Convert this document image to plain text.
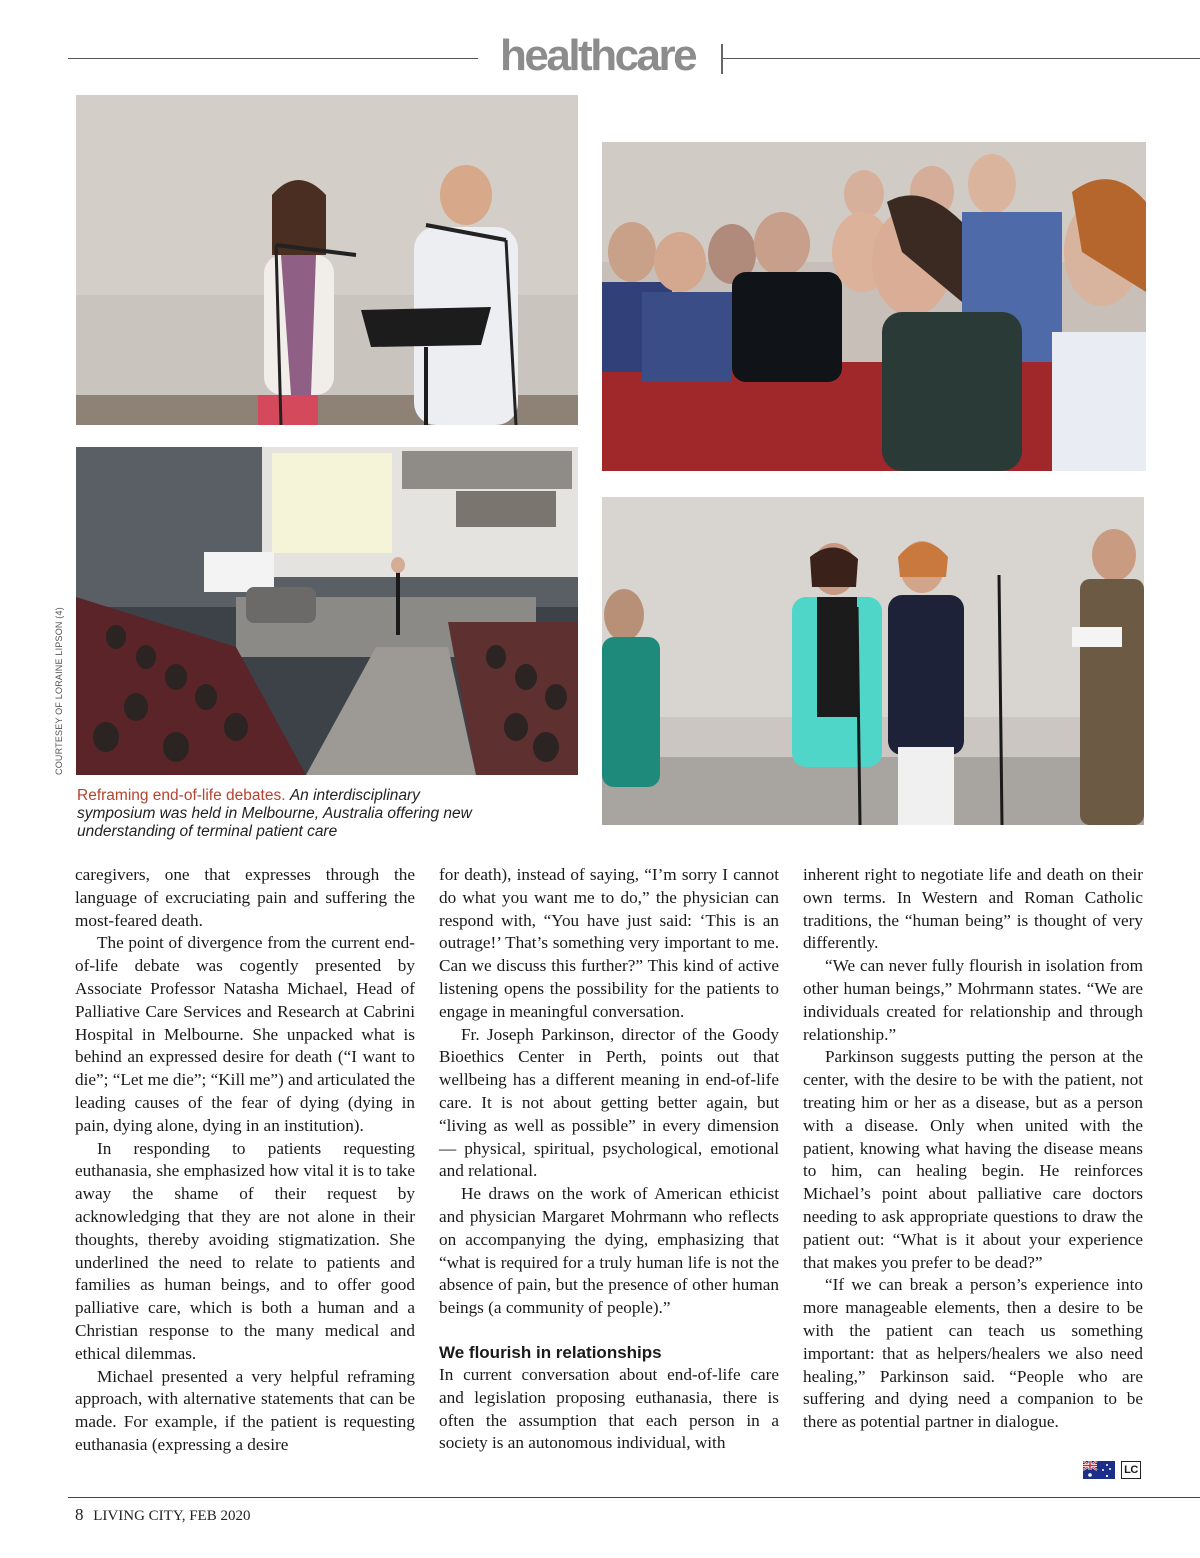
healthcare
COURTESEY OF LORAINE LIPSON (4)
Reframing end-of-life debates. An interdisciplinary symposium was held in Melbourne, Australia offering new understanding of terminal patient care

caregivers, one that expresses through the language of excruciating pain and suffering the most-feared death.

The point of divergence from the current end-of-life debate was cogently presented by Associate Professor Natasha Michael, Head of Palliative Care Services and Research at Cabrini Hospital in Melbourne. She unpacked what is behind an expressed desire for death (“I want to die”; “Let me die”; “Kill me”) and articulated the leading causes of the fear of dying (dying in pain, dying alone, dying in an institution).

In responding to patients requesting euthanasia, she emphasized how vital it is to take away the shame of their request by acknowledging that they are not alone in their thoughts, thereby avoiding stigmatization. She underlined the need to relate to patients and families as human beings, and to offer good palliative care, which is both a human and a Christian response to the many medical and ethical dilemmas.

Michael presented a very helpful reframing approach, with alternative statements that can be made. For example, if the patient is requesting euthanasia (expressing a desire

for death), instead of saying, “I’m sorry I cannot do what you want me to do,” the physician can respond with, “You have just said: ‘This is an outrage!’ That’s something very important to me. Can we discuss this further?” This kind of active listening opens the possibility for the patients to engage in meaningful conversation.

Fr. Joseph Parkinson, director of the Goody Bioethics Center in Perth, points out that wellbeing has a different meaning in end-of-life care. It is not about getting better again, but “living as well as possible” in every dimension — physical, spiritual, psychological, emotional and relational.

He draws on the work of American ethicist and physician Margaret Mohrmann who reflects on accompanying the dying, emphasizing that “what is required for a truly human life is not the absence of pain, but the presence of other human beings (a community of people).”

We flourish in relationships

In current conversation about end-of-life care and legislation proposing euthanasia, there is often the assumption that each person in a society is an autonomous individual, with

inherent right to negotiate life and death on their own terms. In Western and Roman Catholic traditions, the “human being” is thought of very differently.

“We can never fully flourish in isolation from other human beings,” Mohrmann states. “We are individuals created for relationship and through relationship.”

Parkinson suggests putting the person at the center, with the desire to be with the patient, not treating him or her as a disease, but as a person with a disease. Only when united with the patient, knowing what having the disease means to him, can healing begin. He reinforces Michael’s point about palliative care doctors needing to ask appropriate questions to draw the patient out: “What is it about your experience that makes you prefer to be dead?”

“If we can break a person’s experience into more manageable elements, then a desire to be with the patient can teach us something important: that as helpers/healers we also need healing,” Parkinson said. “People who are suffering and dying need a companion to be there as potential partner in dialogue.

LC
8 LIVING CITY, FEB 2020
